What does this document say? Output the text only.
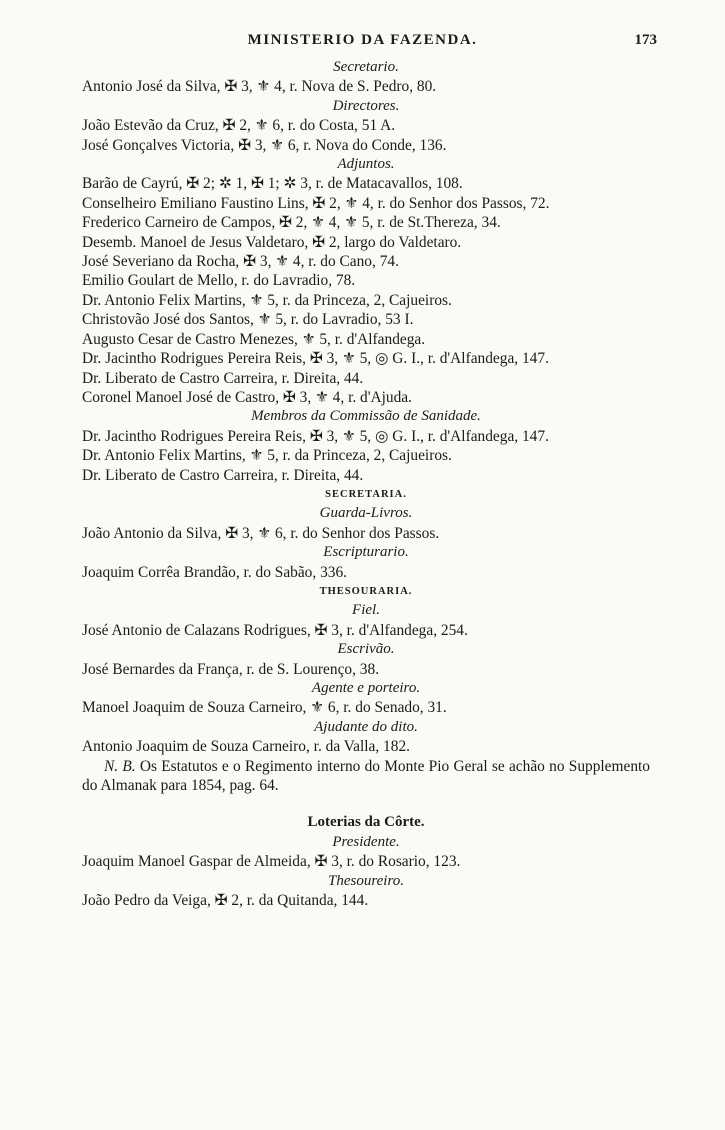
MINISTERIO DA FAZENDA.	173
Secretario.
Antonio José da Silva, ✠ 3, ⚜ 4, r. Nova de S. Pedro, 80.
Directores.
João Estevão da Cruz, ✠ 2, ⚜ 6, r. do Costa, 51 A.
José Gonçalves Victoria, ✠ 3, ⚜ 6, r. Nova do Conde, 136.
Adjuntos.
Barão de Cayrú, ✠ 2; ✲ 1, ✠ 1; ✲ 3, r. de Matacavallos, 108.
Conselheiro Emiliano Faustino Lins, ✠ 2, ⚜ 4, r. do Senhor dos Passos, 72.
Frederico Carneiro de Campos, ✠ 2, ⚜ 4, ⚜ 5, r. de St.Thereza, 34.
Desemb. Manoel de Jesus Valdetaro, ✠ 2, largo do Valdetaro.
José Severiano da Rocha, ✠ 3, ⚜ 4, r. do Cano, 74.
Emilio Goulart de Mello, r. do Lavradio, 78.
Dr. Antonio Felix Martins, ⚜ 5, r. da Princeza, 2, Cajueiros.
Christovão José dos Santos, ⚜ 5, r. do Lavradio, 53 I.
Augusto Cesar de Castro Menezes, ⚜ 5, r. d'Alfandega.
Dr. Jacintho Rodrigues Pereira Reis, ✠ 3, ⚜ 5, ◎ G. I., r. d'Alfandega, 147.
Dr. Liberato de Castro Carreira, r. Direita, 44.
Coronel Manoel José de Castro, ✠ 3, ⚜ 4, r. d'Ajuda.
Membros da Commissão de Sanidade.
Dr. Jacintho Rodrigues Pereira Reis, ✠ 3, ⚜ 5, ◎ G. I., r. d'Alfandega, 147.
Dr. Antonio Felix Martins, ⚜ 5, r. da Princeza, 2, Cajueiros.
Dr. Liberato de Castro Carreira, r. Direita, 44.
SECRETARIA.
Guarda-Livros.
João Antonio da Silva, ✠ 3, ⚜ 6, r. do Senhor dos Passos.
Escripturario.
Joaquim Corrêa Brandão, r. do Sabão, 336.
THESOURARIA.
Fiel.
José Antonio de Calazans Rodrigues, ✠ 3, r. d'Alfandega, 254.
Escrivão.
José Bernardes da França, r. de S. Lourenço, 38.
Agente e porteiro.
Manoel Joaquim de Souza Carneiro, ⚜ 6, r. do Senado, 31.
Ajudante do dito.
Antonio Joaquim de Souza Carneiro, r. da Valla, 182.
N. B. Os Estatutos e o Regimento interno do Monte Pio Geral se achão no Supplemento do Almanak para 1854, pag. 64.
Loterias da Côrte.
Presidente.
Joaquim Manoel Gaspar de Almeida, ✠ 3, r. do Rosario, 123.
Thesoureiro.
João Pedro da Veiga, ✠ 2, r. da Quitanda, 144.
